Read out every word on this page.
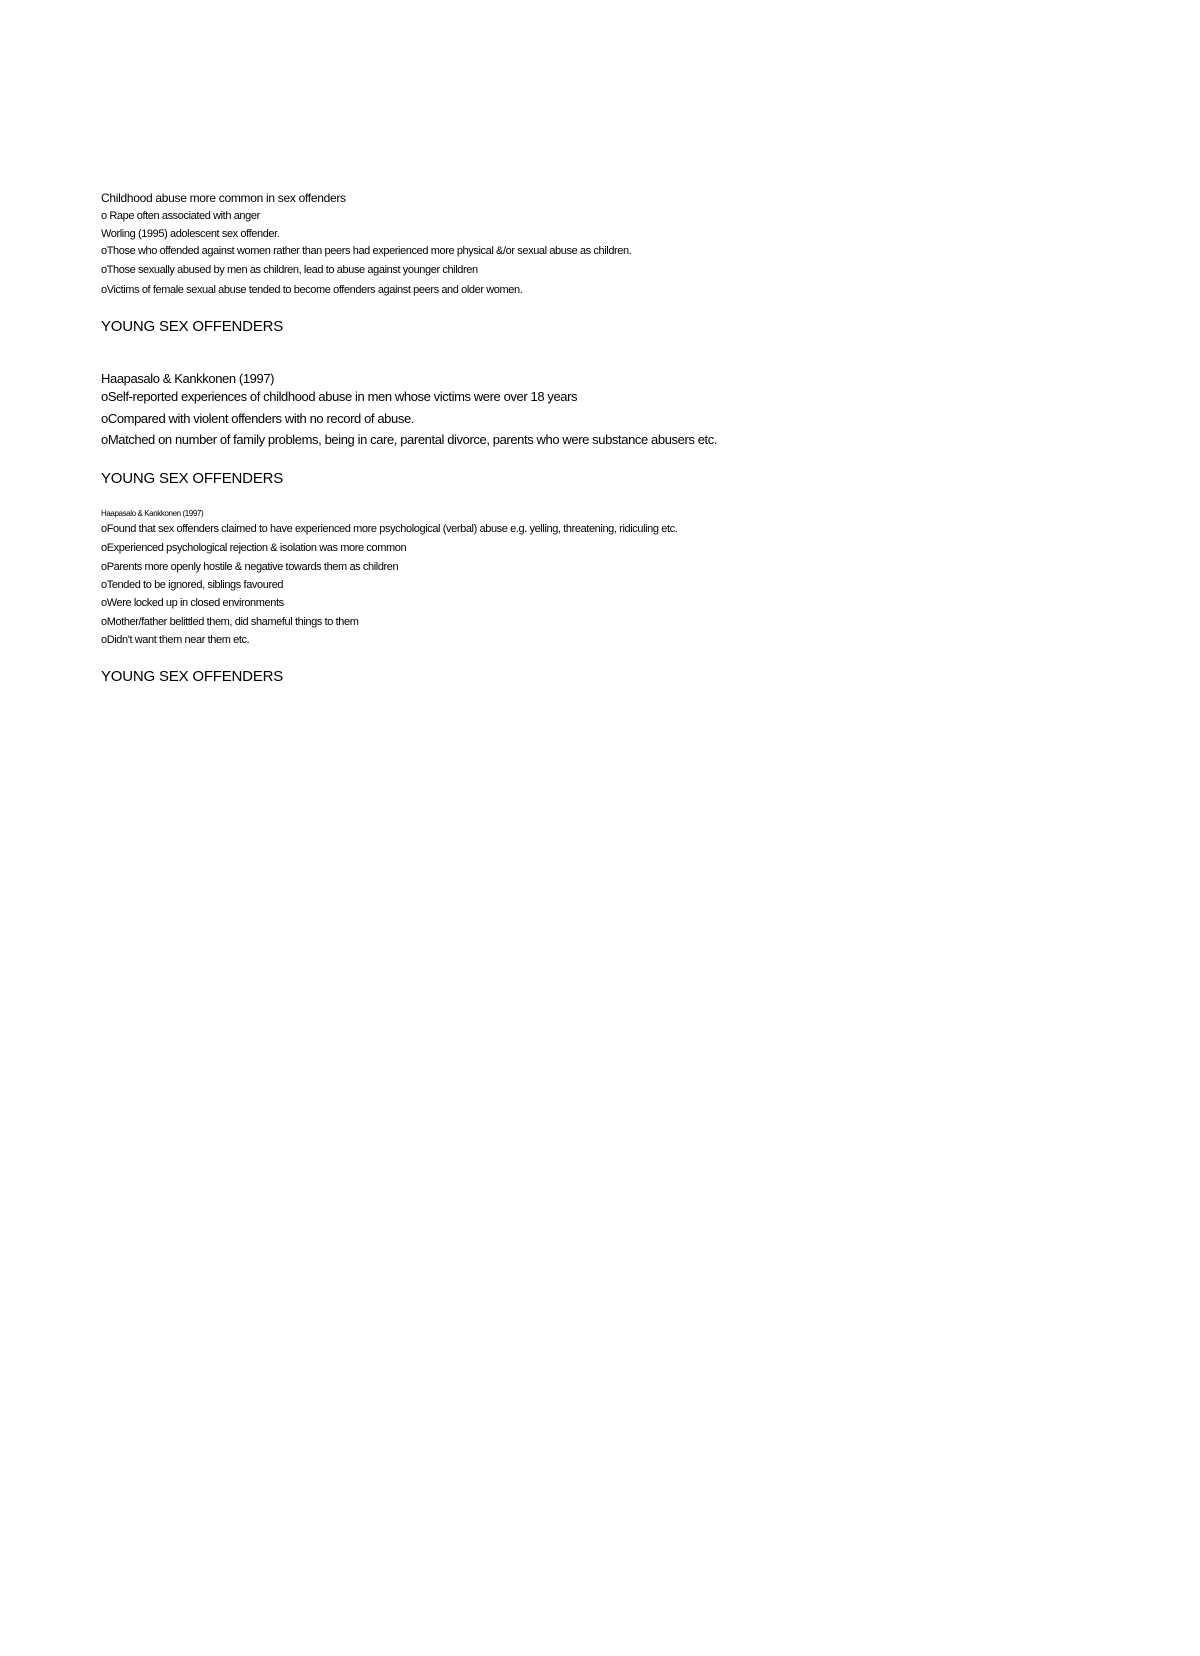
Childhood abuse more common in sex offenders
o Rape often associated with anger
Worling (1995) adolescent sex offender.
oThose who offended against women rather than peers had experienced more physical &/or sexual abuse as children.
oThose sexually abused by men as children, lead to abuse against younger children
oVictims of female sexual abuse tended to become offenders against peers and older women.
YOUNG SEX OFFENDERS
Haapasalo & Kankkonen (1997)
oSelf-reported experiences of childhood abuse in men whose victims were over 18 years
oCompared with violent offenders with no record of abuse.
oMatched on number of family problems, being in care, parental divorce, parents who were substance abusers etc.
YOUNG SEX OFFENDERS
Haapasalo & Kankkonen (1997)
oFound that sex offenders claimed to have experienced more psychological (verbal) abuse e.g. yelling, threatening, ridiculing etc.
oExperienced psychological rejection & isolation was more common
oParents more openly hostile & negative towards them as children
oTended to be ignored, siblings favoured
oWere locked up in closed environments
oMother/father belittled them, did shameful things to them
oDidn't want them near them etc.
YOUNG SEX OFFENDERS
